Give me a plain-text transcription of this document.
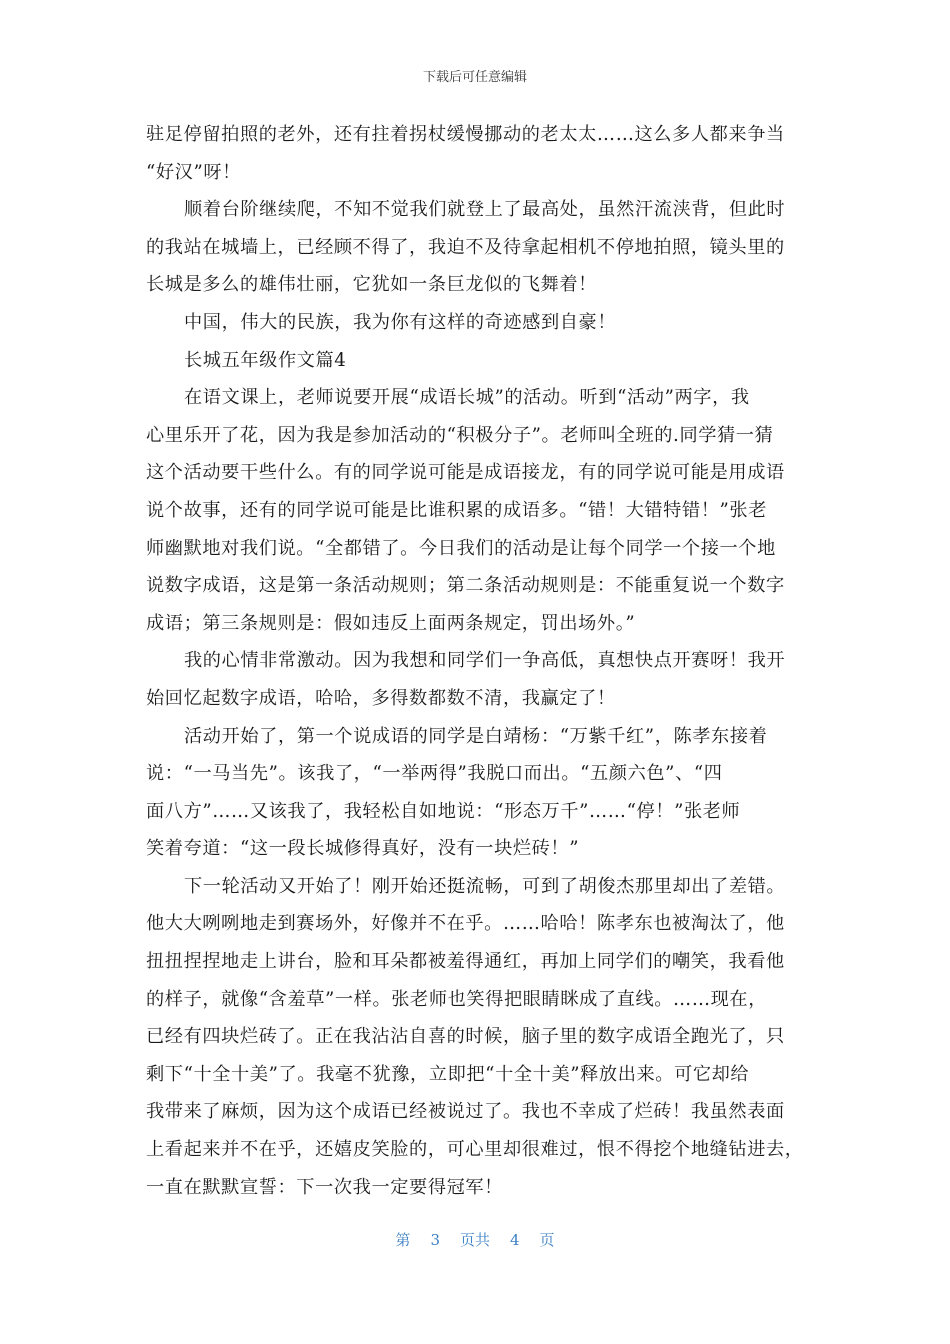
下载后可任意编辑
驻足停留拍照的老外，还有拄着拐杖缓慢挪动的老太太……这么多人都来争当
“好汉”呀！
顺着台阶继续爬，不知不觉我们就登上了最高处，虽然汗流浃背，但此时
的我站在城墙上，已经顾不得了，我迫不及待拿起相机不停地拍照，镜头里的
长城是多么的雄伟壮丽，它犹如一条巨龙似的飞舞着！
中国，伟大的民族，我为你有这样的奇迹感到自豪！
长城五年级作文篇4
在语文课上，老师说要开展“成语长城”的活动。听到“活动”两字，我
心里乐开了花，因为我是参加活动的“积极分子”。老师叫全班的.同学猜一猜
这个活动要干些什么。有的同学说可能是成语接龙，有的同学说可能是用成语
说个故事，还有的同学说可能是比谁积累的成语多。“错！大错特错！”张老
师幽默地对我们说。“全都错了。今日我们的活动是让每个同学一个接一个地
说数字成语，这是第一条活动规则；第二条活动规则是：不能重复说一个数字
成语；第三条规则是：假如违反上面两条规定，罚出场外。”
我的心情非常激动。因为我想和同学们一争高低，真想快点开赛呀！我开
始回忆起数字成语，哈哈，多得数都数不清，我赢定了！
活动开始了，第一个说成语的同学是白靖杨：“万紫千红”，陈孝东接着
说：“一马当先”。该我了，“一举两得”我脱口而出。“五颜六色”、“四
面八方”……又该我了，我轻松自如地说：“形态万千”……“停！”张老师
笑着夸道：“这一段长城修得真好，没有一块烂砖！”
下一轮活动又开始了！刚开始还挺流畅，可到了胡俊杰那里却出了差错。
他大大咧咧地走到赛场外，好像并不在乎。……哈哈！陈孝东也被淘汰了，他
扭扭捏捏地走上讲台，脸和耳朵都被羞得通红，再加上同学们的嘲笑，我看他
的样子，就像“含羞草”一样。张老师也笑得把眼睛眯成了直线。……现在，
已经有四块烂砖了。正在我沾沾自喜的时候，脑子里的数字成语全跑光了，只
剩下“十全十美”了。我毫不犹豫，立即把“十全十美”释放出来。可它却给
我带来了麻烦，因为这个成语已经被说过了。我也不幸成了烂砖！我虽然表面
上看起来并不在乎，还嬉皮笑脸的，可心里却很难过，恨不得挖个地缝钻进去，
一直在默默宣誓：下一次我一定要得冠军！
第 3 页共 4 页
